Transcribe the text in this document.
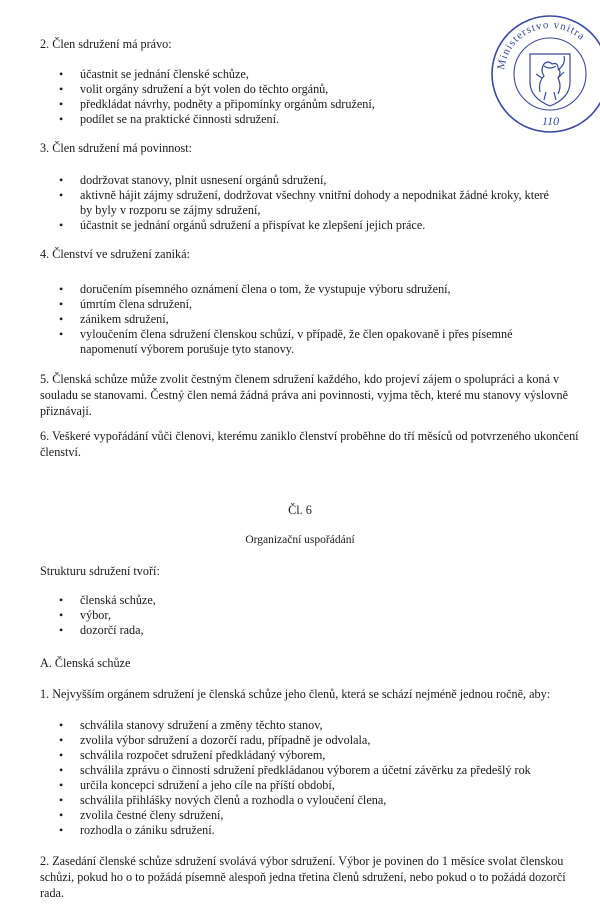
2. Člen sdružení má právo:

• účastnit se jednání členské schůze,
• volit orgány sdružení a být volen do těchto orgánů,
• předkládat návrhy, podněty a připomínky orgánům sdružení,
• podílet se na praktické činnosti sdružení.

3. Člen sdružení má povinnost:

• dodržovat stanovy, plnit usnesení orgánů sdružení,
• aktivně hájit zájmy sdružení, dodržovat všechny vnitřní dohody a nepodnikat žádné kroky, které by byly v rozporu se zájmy sdružení,
• účastnit se jednání orgánů sdružení a přispívat ke zlepšení jejich práce.

4. Členství ve sdružení zaniká:

• doručením písemného oznámení člena o tom, že vystupuje výboru sdružení,
• úmrtím člena sdružení,
• zánikem sdružení,
• vyloučením člena sdružení členskou schůzí, v případě, že člen opakovaně i přes písemné napomenutí výborem porušuje tyto stanovy.

5. Členská schůze může zvolit čestným členem sdružení každého, kdo projeví zájem o spolupráci a koná v souladu se stanovami. Čestný člen nemá žádná práva ani povinnosti, vyjma těch, které mu stanovy výslovně přiznávají.

6. Veškeré vypořádání vůči členovi, kterému zaniklo členství proběhne do tří měsíců od potvrzeného ukončení členství.

Čl. 6

Organizační uspořádání

Strukturu sdružení tvoří:

• členská schůze,
• výbor,
• dozorčí rada,

A. Členská schůze

1. Nejvyšším orgánem sdružení je členská schůze jeho členů, která se schází nejméně jednou ročně, aby:

• schválila stanovy sdružení a změny těchto stanov,
• zvolila výbor sdružení a dozorčí radu, případně je odvolala,
• schválila rozpočet sdružení předkládaný výborem,
• schválila zprávu o činnosti sdružení předkládanou výborem a účetní závěrku za předešlý rok
• určila koncepci sdružení a jeho cíle na příští období,
• schválila přihlášky nových členů a rozhodla o vyloučení člena,
• zvolila čestné členy sdružení,
• rozhodla o zániku sdružení.

2. Zasedání členské schůze sdružení svolává výbor sdružení. Výbor je povinen do 1 měsíce svolat členskou schůzi, pokud ho o to požádá písemně alespoň jedna třetina členů sdružení, nebo pokud o to požádá dozorčí rada.

Ministerstvo vnitra
110
